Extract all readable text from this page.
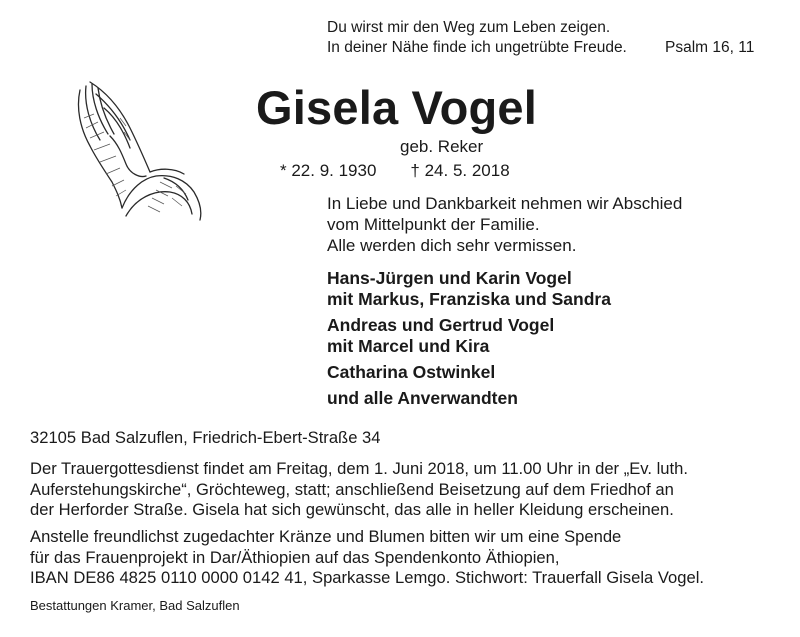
Du wirst mir den Weg zum Leben zeigen.
In deiner Nähe finde ich ungetrübte Freude. Psalm 16, 11
Gisela Vogel
geb. Reker
* 22. 9. 1930 † 24. 5. 2018
In Liebe und Dankbarkeit nehmen wir Abschied
vom Mittelpunkt der Familie.
Alle werden dich sehr vermissen.
Hans-Jürgen und Karin Vogel
mit Markus, Franziska und Sandra
Andreas und Gertrud Vogel
mit Marcel und Kira
Catharina Ostwinkel
und alle Anverwandten
32105 Bad Salzuflen, Friedrich-Ebert-Straße 34
Der Trauergottesdienst findet am Freitag, dem 1. Juni 2018, um 11.00 Uhr in der „Ev. luth.
Auferstehungskirche“, Gröchteweg, statt; anschließend Beisetzung auf dem Friedhof an
der Herforder Straße. Gisela hat sich gewünscht, das alle in heller Kleidung erscheinen.
Anstelle freundlichst zugedachter Kränze und Blumen bitten wir um eine Spende
für das Frauenprojekt in Dar/Äthiopien auf das Spendenkonto Äthiopien,
IBAN DE86 4825 0110 0000 0142 41, Sparkasse Lemgo. Stichwort: Trauerfall Gisela Vogel.
Bestattungen Kramer, Bad Salzuflen
